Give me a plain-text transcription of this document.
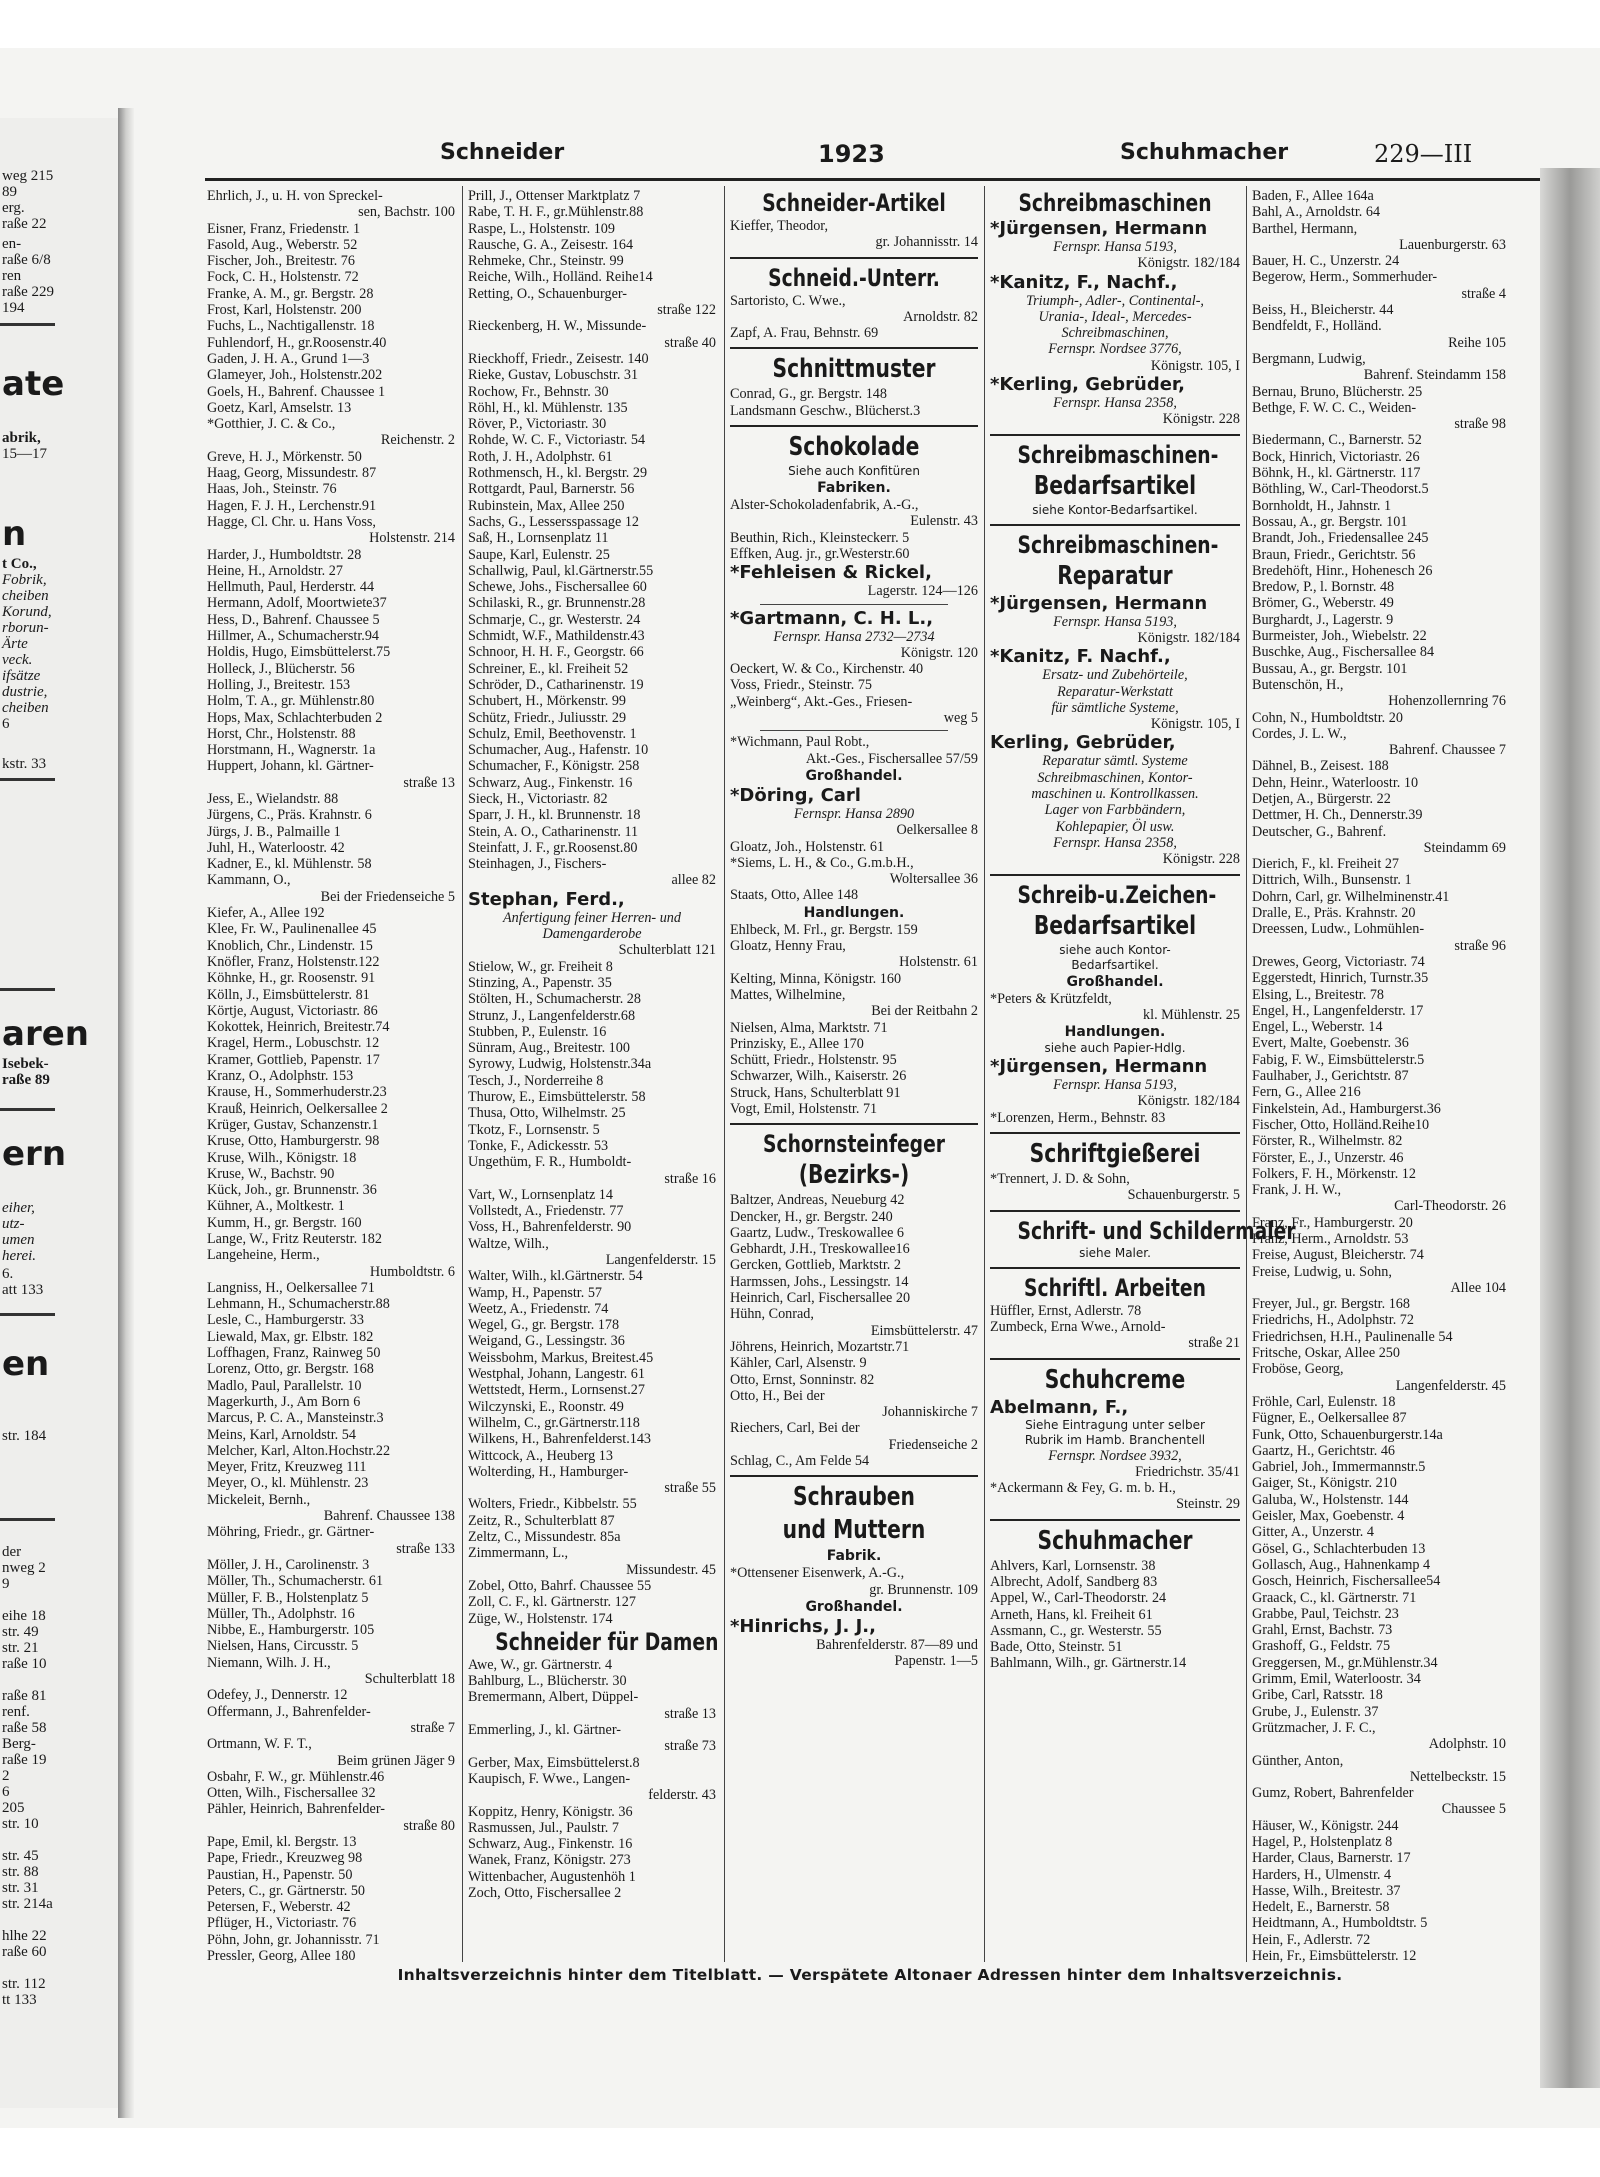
weg 215
89
erg.
raße 22
en-
raße 6/8
ren
raße 229
194
ate
abrik,
15—17
n
t Co.,
Fobrik,
cheiben
Korund,
rborun-
Ärte
veck.
ifsätze
dustrie,
cheiben
6
kstr. 33
aren
Isebek-
raße 89
ern
eiher,
utz-
umen
herei.
6.
att 133
en
str. 184
der
nweg 2
9
eihe 18
str. 49
str. 21
raße 10
raße 81
renf.
raße 58
Berg-
raße 19
2
6
205
str. 10
str. 45
str. 88
str. 31
str. 214a
hlhe 22
raße 60
str. 112
tt 133
Schneider	1923	Schuhmacher	229—III
Ehrlich, J., u. H. von Spreckel-
sen, Bachstr. 100
Eisner, Franz, Friedenstr. 1
Fasold, Aug., Weberstr. 52
Fischer, Joh., Breitestr. 76
Fock, C. H., Holstenstr. 72
Franke, A. M., gr. Bergstr. 28
Frost, Karl, Holstenstr. 200
Fuchs, L., Nachtigallenstr. 18
Fuhlendorf, H., gr.Roosenstr.40
Gaden, J. H. A., Grund 1—3
Glameyer, Joh., Holstenstr.202
Goels, H., Bahrenf. Chaussee 1
Goetz, Karl, Amselstr. 13
*Gotthier, J. C. & Co.,
Reichenstr. 2
Greve, H. J., Mörkenstr. 50
Haag, Georg, Missundestr. 87
Haas, Joh., Steinstr. 76
Hagen, F. J. H., Lerchenstr.91
Hagge, Cl. Chr. u. Hans Voss,
Holstenstr. 214
Harder, J., Humboldtstr. 28
Heine, H., Arnoldstr. 27
Hellmuth, Paul, Herderstr. 44
Hermann, Adolf, Moortwiete37
Hess, D., Bahrenf. Chaussee 5
Hillmer, A., Schumacherstr.94
Holdis, Hugo, Eimsbüttelerst.75
Holleck, J., Blücherstr. 56
Holling, J., Breitestr. 153
Holm, T. A., gr. Mühlenstr.80
Hops, Max, Schlachterbuden 2
Horst, Chr., Holstenstr. 88
Horstmann, H., Wagnerstr. 1a
Huppert, Johann, kl. Gärtner-
straße 13
Jess, E., Wielandstr. 88
Jürgens, C., Präs. Krahnstr. 6
Jürgs, J. B., Palmaille 1
Juhl, H., Waterloostr. 42
Kadner, E., kl. Mühlenstr. 58
Kammann, O.,
Bei der Friedenseiche 5
Kiefer, A., Allee 192
Klee, Fr. W., Paulinenallee 45
Knoblich, Chr., Lindenstr. 15
Knöfler, Franz, Holstenstr.122
Köhnke, H., gr. Roosenstr. 91
Kölln, J., Eimsbüttelerstr. 81
Körtje, August, Victoriastr. 86
Kokottek, Heinrich, Breitestr.74
Kragel, Herm., Lobuschstr. 12
Kramer, Gottlieb, Papenstr. 17
Kranz, O., Adolphstr. 153
Krause, H., Sommerhuderstr.23
Krauß, Heinrich, Oelkersallee 2
Krüger, Gustav, Schanzenstr.1
Kruse, Otto, Hamburgerstr. 98
Kruse, Wilh., Königstr. 18
Kruse, W., Bachstr. 90
Kück, Joh., gr. Brunnenstr. 36
Kühner, A., Moltkestr. 1
Kumm, H., gr. Bergstr. 160
Lange, W., Fritz Reuterstr. 182
Langeheine, Herm.,
Humboldtstr. 6
Langniss, H., Oelkersallee 71
Lehmann, H., Schumacherstr.88
Lesle, C., Hamburgerstr. 33
Liewald, Max, gr. Elbstr. 182
Loffhagen, Franz, Rainweg 50
Lorenz, Otto, gr. Bergstr. 168
Madlo, Paul, Parallelstr. 10
Magerkurth, J., Am Born 6
Marcus, P. C. A., Mansteinstr.3
Meins, Karl, Arnoldstr. 54
Melcher, Karl, Alton.Hochstr.22
Meyer, Fritz, Kreuzweg 111
Meyer, O., kl. Mühlenstr. 23
Mickeleit, Bernh.,
Bahrenf. Chaussee 138
Möhring, Friedr., gr. Gärtner-
straße 133
Möller, J. H., Carolinenstr. 3
Möller, Th., Schumacherstr. 61
Müller, F. B., Holstenplatz 5
Müller, Th., Adolphstr. 16
Nibbe, E., Hamburgerstr. 105
Nielsen, Hans, Circusstr. 5
Niemann, Wilh. J. H.,
Schulterblatt 18
Odefey, J., Dennerstr. 12
Offermann, J., Bahrenfelder-
straße 7
Ortmann, W. F. T.,
Beim grünen Jäger 9
Osbahr, F. W., gr. Mühlenstr.46
Otten, Wilh., Fischersallee 32
Pähler, Heinrich, Bahrenfelder-
straße 80
Pape, Emil, kl. Bergstr. 13
Pape, Friedr., Kreuzweg 98
Paustian, H., Papenstr. 50
Peters, C., gr. Gärtnerstr. 50
Petersen, F., Weberstr. 42
Pflüger, H., Victoriastr. 76
Pöhn, John, gr. Johannisstr. 71
Pressler, Georg, Allee 180
Prill, J., Ottenser Marktplatz 7
Rabe, T. H. F., gr.Mühlenstr.88
Raspe, L., Holstenstr. 109
Rausche, G. A., Zeisestr. 164
Rehmeke, Chr., Steinstr. 99
Reiche, Wilh., Holländ. Reihe14
Retting, O., Schauenburger-
straße 122
Rieckenberg, H. W., Missunde-
straße 40
Rieckhoff, Friedr., Zeisestr. 140
Rieke, Gustav, Lobuschstr. 31
Rochow, Fr., Behnstr. 30
Röhl, H., kl. Mühlenstr. 135
Röver, P., Victoriastr. 30
Rohde, W. C. F., Victoriastr. 54
Roth, J. H., Adolphstr. 61
Rothmensch, H., kl. Bergstr. 29
Rottgardt, Paul, Barnerstr. 56
Rubinstein, Max, Allee 250
Sachs, G., Lessersspassage 12
Saß, H., Lornsenplatz 11
Saupe, Karl, Eulenstr. 25
Schallwig, Paul, kl.Gärtnerstr.55
Schewe, Johs., Fischersallee 60
Schilaski, R., gr. Brunnenstr.28
Schmarje, C., gr. Westerstr. 24
Schmidt, W.F., Mathildenstr.43
Schnoor, H. H. F., Georgstr. 66
Schreiner, E., kl. Freiheit 52
Schröder, D., Catharinenstr. 19
Schubert, H., Mörkenstr. 99
Schütz, Friedr., Juliusstr. 29
Schulz, Emil, Beethovenstr. 1
Schumacher, Aug., Hafenstr. 10
Schumacher, F., Königstr. 258
Schwarz, Aug., Finkenstr. 16
Sieck, H., Victoriastr. 82
Sparr, J. H., kl. Brunnenstr. 18
Stein, A. O., Catharinenstr. 11
Steinfatt, J. F., gr.Roosenst.80
Steinhagen, J., Fischers-
allee 82
Stephan, Ferd.,
Anfertigung feiner Herren- und
Damengarderobe
Schulterblatt 121
Stielow, W., gr. Freiheit 8
Stinzing, A., Papenstr. 35
Stölten, H., Schumacherstr. 28
Strunz, J., Langenfelderstr.68
Stubben, P., Eulenstr. 16
Sünram, Aug., Breitestr. 100
Syrowy, Ludwig, Holstenstr.34a
Tesch, J., Norderreihe 8
Thurow, E., Eimsbüttelerstr. 58
Thusa, Otto, Wilhelmstr. 25
Tkotz, F., Lornsenstr. 5
Tonke, F., Adickesstr. 53
Ungethüm, F. R., Humboldt-
straße 16
Vart, W., Lornsenplatz 14
Vollstedt, A., Friedenstr. 77
Voss, H., Bahrenfelderstr. 90
Waltze, Wilh.,
Langenfelderstr. 15
Walter, Wilh., kl.Gärtnerstr. 54
Wamp, H., Papenstr. 57
Weetz, A., Friedenstr. 74
Wegel, G., gr. Bergstr. 178
Weigand, G., Lessingstr. 36
Weissbohm, Markus, Breitest.45
Westphal, Johann, Langestr. 61
Wettstedt, Herm., Lornsenst.27
Wilczynski, E., Roonstr. 49
Wilhelm, C., gr.Gärtnerstr.118
Wilkens, H., Bahrenfelderst.143
Wittcock, A., Heuberg 13
Wolterding, H., Hamburger-
straße 55
Wolters, Friedr., Kibbelstr. 55
Zeitz, R., Schulterblatt 87
Zeltz, C., Missundestr. 85a
Zimmermann, L.,
Missundestr. 45
Zobel, Otto, Bahrf. Chaussee 55
Zoll, C. F., kl. Gärtnerstr. 127
Züge, W., Holstenstr. 174
Schneider für Damen
Awe, W., gr. Gärtnerstr. 4
Bahlburg, L., Blücherstr. 30
Bremermann, Albert, Düppel-
straße 13
Emmerling, J., kl. Gärtner-
straße 73
Gerber, Max, Eimsbüttelerst.8
Kaupisch, F. Wwe., Langen-
felderstr. 43
Koppitz, Henry, Königstr. 36
Rasmussen, Jul., Paulstr. 7
Schwarz, Aug., Finkenstr. 16
Wanek, Franz, Königstr. 273
Wittenbacher, Augustenhöh 1
Zoch, Otto, Fischersallee 2
Schneider-Artikel
Kieffer, Theodor,
gr. Johannisstr. 14
Schneid.-Unterr.
Sartoristo, C. Wwe.,
Arnoldstr. 82
Zapf, A. Frau, Behnstr. 69
Schnittmuster
Conrad, G., gr. Bergstr. 148
Landsmann Geschw., Blücherst.3
Schokolade
Siehe auch Konfitüren
Fabriken.
Alster-Schokoladenfabrik, A.-G.,
Eulenstr. 43
Beuthin, Rich., Kleinsteckerr. 5
Effken, Aug. jr., gr.Westerstr.60
*Fehleisen & Rickel,
Lagerstr. 124—126
*Gartmann, C. H. L.,
Fernspr. Hansa 2732—2734
Königstr. 120
Oeckert, W. & Co., Kirchenstr. 40
Voss, Friedr., Steinstr. 75
„Weinberg“, Akt.-Ges., Friesen-
weg 5
*Wichmann, Paul Robt.,
Akt.-Ges., Fischersallee 57/59
Großhandel.
*Döring, Carl
Fernspr. Hansa 2890
Oelkersallee 8
Gloatz, Joh., Holstenstr. 61
*Siems, L. H., & Co., G.m.b.H.,
Woltersallee 36
Staats, Otto, Allee 148
Handlungen.
Ehlbeck, M. Frl., gr. Bergstr. 159
Gloatz, Henny Frau,
Holstenstr. 61
Kelting, Minna, Königstr. 160
Mattes, Wilhelmine,
Bei der Reitbahn 2
Nielsen, Alma, Marktstr. 71
Prinzisky, E., Allee 170
Schütt, Friedr., Holstenstr. 95
Schwarzer, Wilh., Kaiserstr. 26
Struck, Hans, Schulterblatt 91
Vogt, Emil, Holstenstr. 71
Schornsteinfeger
(Bezirks-)
Baltzer, Andreas, Neueburg 42
Dencker, H., gr. Bergstr. 240
Gaartz, Ludw., Treskowallee 6
Gebhardt, J.H., Treskowallee16
Gercken, Gottlieb, Marktstr. 2
Harmssen, Johs., Lessingstr. 14
Heinrich, Carl, Fischersallee 20
Hühn, Conrad,
Eimsbüttelerstr. 47
Jöhrens, Heinrich, Mozartstr.71
Kähler, Carl, Alsenstr. 9
Otto, Ernst, Sonninstr. 82
Otto, H., Bei der
Johanniskirche 7
Riechers, Carl, Bei der
Friedenseiche 2
Schlag, C., Am Felde 54
Schrauben
und Muttern
Fabrik.
*Ottensener Eisenwerk, A.-G.,
gr. Brunnenstr. 109
Großhandel.
*Hinrichs, J. J.,
Bahrenfelderstr. 87—89 und
Papenstr. 1—5
Schreibmaschinen
*Jürgensen, Hermann
Fernspr. Hansa 5193,
Königstr. 182/184
*Kanitz, F., Nachf.,
Triumph-, Adler-, Continental-,
Urania-, Ideal-, Mercedes-
Schreibmaschinen,
Fernspr. Nordsee 3776,
Königstr. 105, I
*Kerling, Gebrüder,
Fernspr. Hansa 2358,
Königstr. 228
Schreibmaschinen-
Bedarfsartikel
siehe Kontor-Bedarfsartikel.
Schreibmaschinen-
Reparatur
*Jürgensen, Hermann
Fernspr. Hansa 5193,
Königstr. 182/184
*Kanitz, F. Nachf.,
Ersatz- und Zubehörteile,
Reparatur-Werkstatt
für sämtliche Systeme,
Königstr. 105, I
Kerling, Gebrüder,
Reparatur sämtl. Systeme
Schreibmaschinen, Kontor-
maschinen u. Kontrollkassen.
Lager von Farbbändern,
Kohlepapier, Öl usw.
Fernspr. Hansa 2358,
Königstr. 228
Schreib-u.Zeichen-
Bedarfsartikel
siehe auch Kontor-
Bedarfsartikel.
Großhandel.
*Peters & Krützfeldt,
kl. Mühlenstr. 25
Handlungen.
siehe auch Papier-Hdlg.
*Jürgensen, Hermann
Fernspr. Hansa 5193,
Königstr. 182/184
*Lorenzen, Herm., Behnstr. 83
Schriftgießerei
*Trennert, J. D. & Sohn,
Schauenburgerstr. 5
Schrift- und Schildermaler
siehe Maler.
Schriftl. Arbeiten
Hüffler, Ernst, Adlerstr. 78
Zumbeck, Erna Wwe., Arnold-
straße 21
Schuhcreme
Abelmann, F.,
Siehe Eintragung unter selber
Rubrik im Hamb. Branchentell
Fernspr. Nordsee 3932,
Friedrichstr. 35/41
*Ackermann & Fey, G. m. b. H.,
Steinstr. 29
Schuhmacher
Ahlvers, Karl, Lornsenstr. 38
Albrecht, Adolf, Sandberg 83
Appel, W., Carl-Theodorstr. 24
Arneth, Hans, kl. Freiheit 61
Assmann, C., gr. Westerstr. 55
Bade, Otto, Steinstr. 51
Bahlmann, Wilh., gr. Gärtnerstr.14
Baden, F., Allee 164a
Bahl, A., Arnoldstr. 64
Barthel, Hermann,
Lauenburgerstr. 63
Bauer, H. C., Unzerstr. 24
Begerow, Herm., Sommerhuder-
straße 4
Beiss, H., Bleicherstr. 44
Bendfeldt, F., Holländ.
Reihe 105
Bergmann, Ludwig,
Bahrenf. Steindamm 158
Bernau, Bruno, Blücherstr. 25
Bethge, F. W. C. C., Weiden-
straße 98
Biedermann, C., Barnerstr. 52
Bock, Hinrich, Victoriastr. 26
Böhnk, H., kl. Gärtnerstr. 117
Böthling, W., Carl-Theodorst.5
Bornholdt, H., Jahnstr. 1
Bossau, A., gr. Bergstr. 101
Brandt, Joh., Friedensallee 245
Braun, Friedr., Gerichtstr. 56
Bredehöft, Hinr., Hohenesch 26
Bredow, P., l. Bornstr. 48
Brömer, G., Weberstr. 49
Burghardt, J., Lagerstr. 9
Burmeister, Joh., Wiebelstr. 22
Buschke, Aug., Fischersallee 84
Bussau, A., gr. Bergstr. 101
Butenschön, H.,
Hohenzollernring 76
Cohn, N., Humboldtstr. 20
Cordes, J. L. W.,
Bahrenf. Chaussee 7
Dähnel, B., Zeisest. 188
Dehn, Heinr., Waterloostr. 10
Detjen, A., Bürgerstr. 22
Dettmer, H. Ch., Dennerstr.39
Deutscher, G., Bahrenf.
Steindamm 69
Dierich, F., kl. Freiheit 27
Dittrich, Wilh., Bunsenstr. 1
Dohrn, Carl, gr. Wilhelminenstr.41
Dralle, E., Präs. Krahnstr. 20
Dreessen, Ludw., Lohmühlen-
straße 96
Drewes, Georg, Victoriastr. 74
Eggerstedt, Hinrich, Turnstr.35
Elsing, L., Breitestr. 78
Engel, H., Langenfelderstr. 17
Engel, L., Weberstr. 14
Evert, Malte, Goebenstr. 36
Fabig, F. W., Eimsbüttelerstr.5
Faulhaber, J., Gerichtstr. 87
Fern, G., Allee 216
Finkelstein, Ad., Hamburgerst.36
Fischer, Otto, Holländ.Reihe10
Förster, R., Wilhelmstr. 82
Förster, E., J., Unzerstr. 46
Folkers, F. H., Mörkenstr. 12
Frank, J. H. W.,
Carl-Theodorstr. 26
Franz, Fr., Hamburgerstr. 20
Franz, Herm., Arnoldstr. 53
Freise, August, Bleicherstr. 74
Freise, Ludwig, u. Sohn,
Allee 104
Freyer, Jul., gr. Bergstr. 168
Friedrichs, H., Adolphstr. 72
Friedrichsen, H.H., Paulinenalle 54
Fritsche, Oskar, Allee 250
Froböse, Georg,
Langenfelderstr. 45
Fröhle, Carl, Eulenstr. 18
Fügner, E., Oelkersallee 87
Funk, Otto, Schauenburgerstr.14a
Gaartz, H., Gerichtstr. 46
Gabriel, Joh., Immermannstr.5
Gaiger, St., Königstr. 210
Galuba, W., Holstenstr. 144
Geisler, Max, Goebenstr. 4
Gitter, A., Unzerstr. 4
Gösel, G., Schlachterbuden 13
Gollasch, Aug., Hahnenkamp 4
Gosch, Heinrich, Fischersallee54
Graack, C., kl. Gärtnerstr. 71
Grabbe, Paul, Teichstr. 23
Grahl, Ernst, Bachstr. 73
Grashoff, G., Feldstr. 75
Greggersen, M., gr.Mühlenstr.34
Grimm, Emil, Waterloostr. 34
Gribe, Carl, Ratsstr. 18
Grube, J., Eulenstr. 37
Grützmacher, J. F. C.,
Adolphstr. 10
Günther, Anton,
Nettelbeckstr. 15
Gumz, Robert, Bahrenfelder
Chaussee 5
Häuser, W., Königstr. 244
Hagel, P., Holstenplatz 8
Harder, Claus, Barnerstr. 17
Harders, H., Ulmenstr. 4
Hasse, Wilh., Breitestr. 37
Hedelt, E., Barnerstr. 58
Heidtmann, A., Humboldtstr. 5
Hein, F., Adlerstr. 72
Hein, Fr., Eimsbüttelerstr. 12
Inhaltsverzeichnis hinter dem Titelblatt. — Verspätete Altonaer Adressen hinter dem Inhaltsverzeichnis.
